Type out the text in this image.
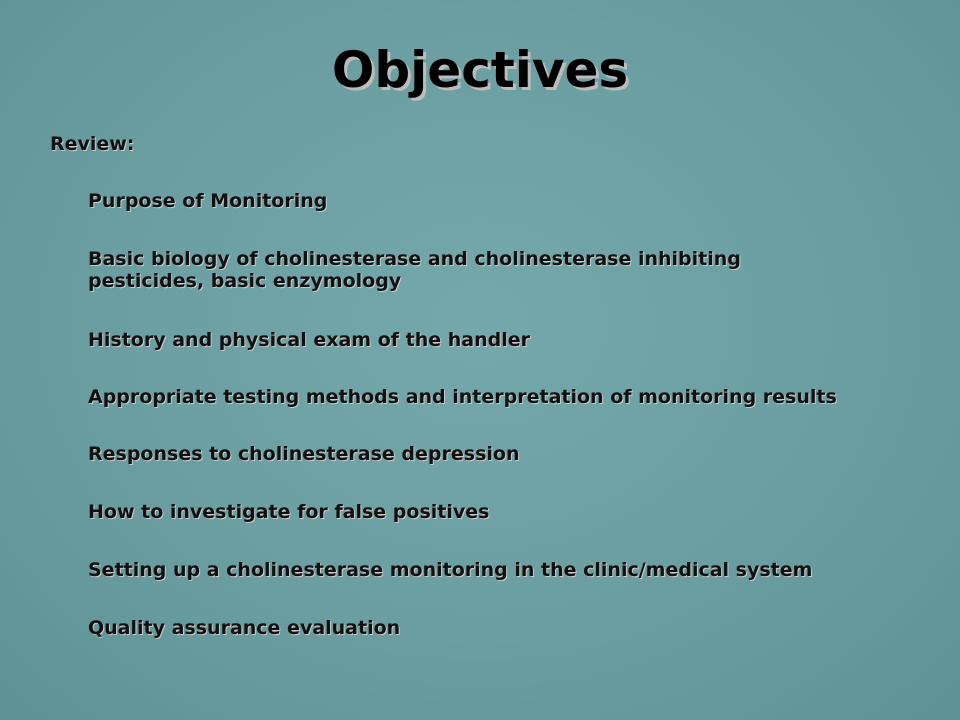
Objectives
Review:
Purpose of Monitoring
Basic biology of cholinesterase and cholinesterase inhibiting
pesticides, basic enzymology
History and physical exam of the handler
Appropriate testing methods and interpretation of monitoring results
Responses to cholinesterase depression
How to investigate for false positives
Setting up a cholinesterase monitoring in the clinic/medical system
Quality assurance evaluation
